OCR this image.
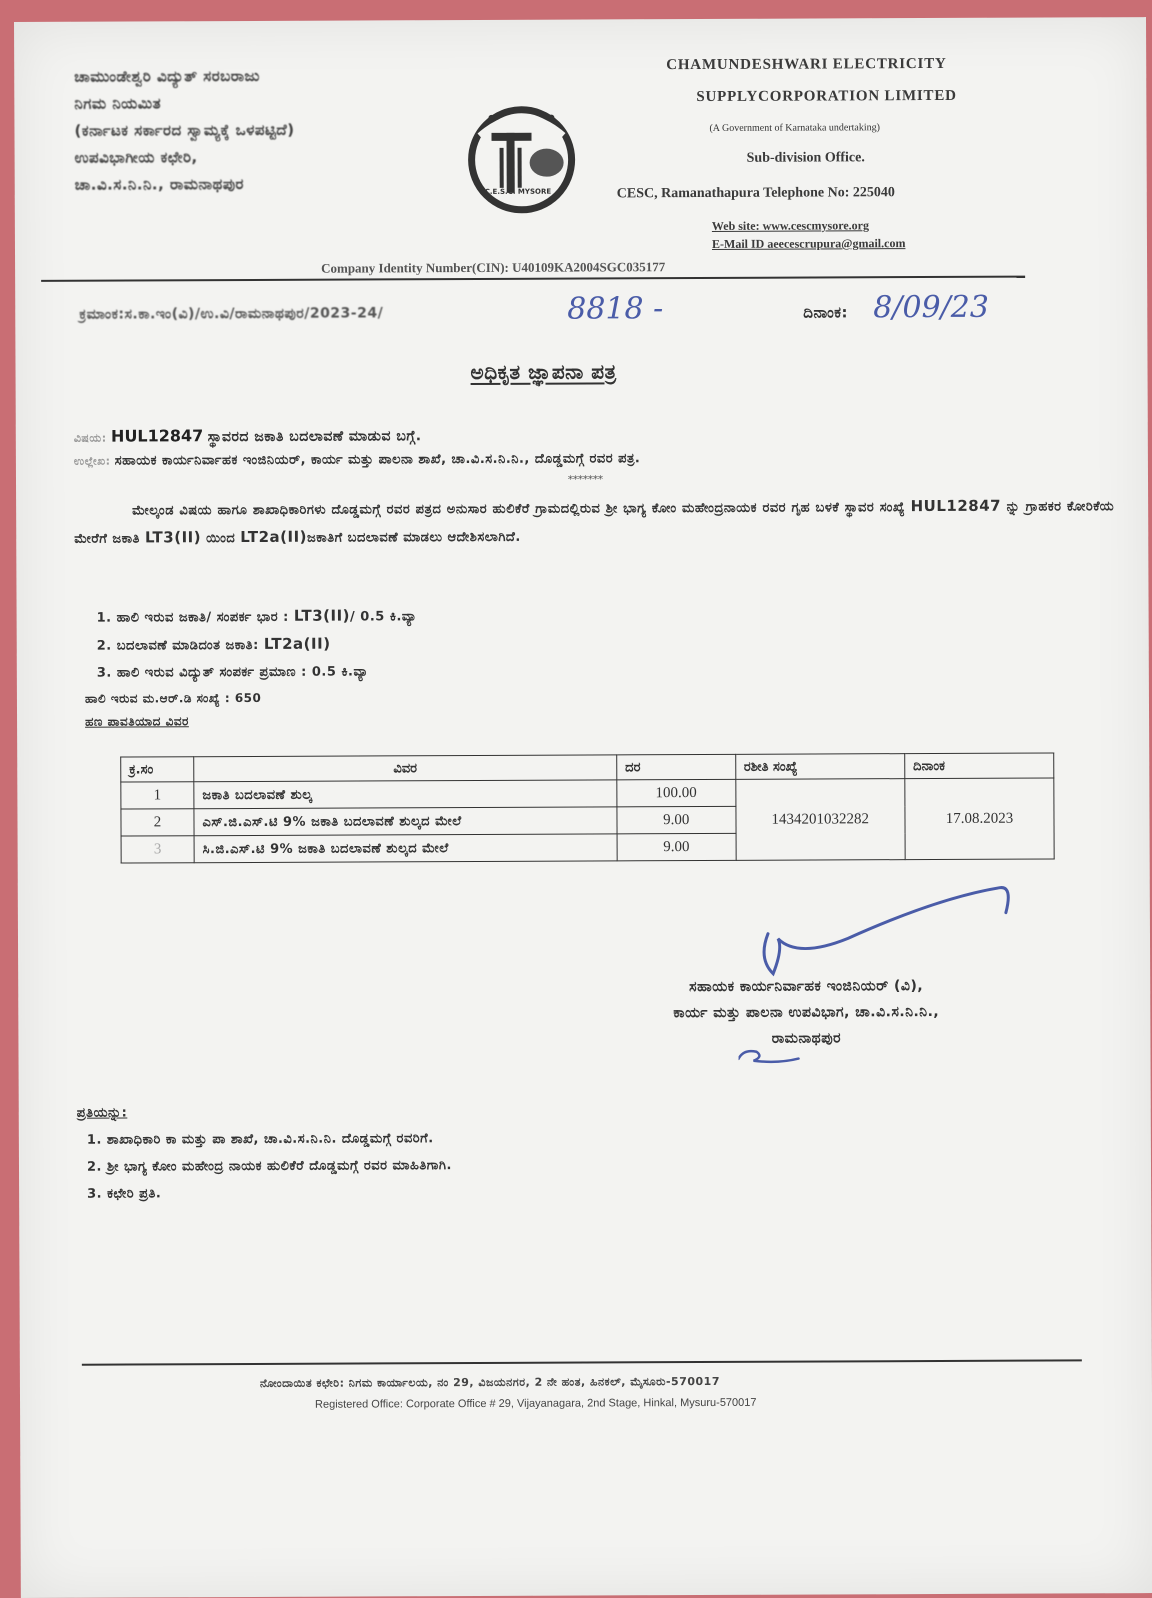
ಚಾಮುಂಡೇಶ್ವರಿ ವಿದ್ಯುತ್ ಸರಬರಾಜು
ನಿಗಮ ನಿಯಮಿತ
(ಕರ್ನಾಟಕ ಸರ್ಕಾರದ ಸ್ವಾಮ್ಯಕ್ಕೆ ಒಳಪಟ್ಟಿದೆ)
ಉಪವಿಭಾಗೀಯ ಕಛೇರಿ,
ಚಾ.ವಿ.ಸ.ನಿ.ನಿ., ರಾಮನಾಥಪುರ	C.E.S.C. MYSORE
CHAMUNDESHWARI ELECTRICITY
SUPPLYCORPORATION LIMITED
(A Government of Karnataka undertaking)
Sub-division Office.
CESC, Ramanathapura Telephone No: 225040
Web site: www.cescmysore.org
E-Mail ID aeecescrupura@gmail.com
Company Identity Number(CIN): U40109KA2004SGC035177
ಕ್ರಮಾಂಕ:ಸ.ಕಾ.ಇಂ(ವಿ)/ಉ.ವಿ/ರಾಮನಾಥಪುರ/2023-24/	8818 -	ದಿನಾಂಕ: 8/09/23
ಅಧಿಕೃತ ಜ್ಞಾಪನಾ ಪತ್ರ
ವಿಷಯ: HUL12847 ಸ್ಥಾವರದ ಜಕಾತಿ ಬದಲಾವಣೆ ಮಾಡುವ ಬಗ್ಗೆ.
ಉಲ್ಲೇಖ: ಸಹಾಯಕ ಕಾರ್ಯನಿರ್ವಾಹಕ ಇಂಜಿನಿಯರ್, ಕಾರ್ಯ ಮತ್ತು ಪಾಲನಾ ಶಾಖೆ, ಚಾ.ವಿ.ಸ.ನಿ.ನಿ., ದೊಡ್ಡಮಗ್ಗೆ ರವರ ಪತ್ರ.
*******
ಮೇಲ್ಕಂಡ ವಿಷಯ ಹಾಗೂ ಶಾಖಾಧಿಕಾರಿಗಳು ದೊಡ್ಡಮಗ್ಗೆ ರವರ ಪತ್ರದ ಅನುಸಾರ ಹುಲಿಕೆರೆ ಗ್ರಾಮದಲ್ಲಿರುವ ಶ್ರೀ ಭಾಗ್ಯ ಕೋಂ ಮಹೇಂದ್ರನಾಯಕ ರವರ ಗೃಹ ಬಳಕೆ ಸ್ಥಾವರ ಸಂಖ್ಯೆ HUL12847 ನ್ನು ಗ್ರಾಹಕರ ಕೋರಿಕೆಯ ಮೇರೆಗೆ ಜಕಾತಿ LT3(II) ಯಿಂದ LT2a(II)ಜಕಾತಿಗೆ ಬದಲಾವಣೆ ಮಾಡಲು ಆದೇಶಿಸಲಾಗಿದೆ.
1. ಹಾಲಿ ಇರುವ ಜಕಾತಿ/ ಸಂಪರ್ಕ ಭಾರ : LT3(II)/ 0.5 ಕಿ.ವ್ಯಾ
2. ಬದಲಾವಣೆ ಮಾಡಿದಂತ ಜಕಾತಿ: LT2a(II)
3. ಹಾಲಿ ಇರುವ ವಿದ್ಯುತ್ ಸಂಪರ್ಕ ಪ್ರಮಾಣ : 0.5 ಕಿ.ವ್ಯಾ
ಹಾಲಿ ಇರುವ ಮ.ಆರ್.ಡಿ ಸಂಖ್ಯೆ : 650
ಹಣ ಪಾವತಿಯಾದ ವಿವರ
ಕ್ರ.ಸಂ	ವಿವರ	ದರ	ರಶೀತಿ ಸಂಖ್ಯೆ	ದಿನಾಂಕ
1	ಜಕಾತಿ ಬದಲಾವಣೆ ಶುಲ್ಕ	100.00	1434201032282	17.08.2023
2	ಎಸ್.ಜಿ.ಎಸ್.ಟಿ 9% ಜಕಾತಿ ಬದಲಾವಣೆ ಶುಲ್ಕದ ಮೇಲೆ	9.00		
3	ಸಿ.ಜಿ.ಎಸ್.ಟಿ 9% ಜಕಾತಿ ಬದಲಾವಣೆ ಶುಲ್ಕದ ಮೇಲೆ	9.00		
ಸಹಾಯಕ ಕಾರ್ಯನಿರ್ವಾಹಕ ಇಂಜಿನಿಯರ್ (ವಿ),
ಕಾರ್ಯ ಮತ್ತು ಪಾಲನಾ ಉಪವಿಭಾಗ, ಚಾ.ವಿ.ಸ.ನಿ.ನಿ.,
ರಾಮನಾಥಪುರ
ಪ್ರತಿಯನ್ನು:
1. ಶಾಖಾಧಿಕಾರಿ ಕಾ ಮತ್ತು ಪಾ ಶಾಖೆ, ಚಾ.ವಿ.ಸ.ನಿ.ನಿ. ದೊಡ್ಡಮಗ್ಗೆ ರವರಿಗೆ.
2. ಶ್ರೀ ಭಾಗ್ಯ ಕೋಂ ಮಹೇಂದ್ರ ನಾಯಕ ಹುಲಿಕೆರೆ ದೊಡ್ಡಮಗ್ಗೆ ರವರ ಮಾಹಿತಿಗಾಗಿ.
3. ಕಛೇರಿ ಪ್ರತಿ.
ನೋಂದಾಯಿತ ಕಛೇರಿ: ನಿಗಮ ಕಾರ್ಯಾಲಯ, ನಂ 29, ವಿಜಯನಗರ, 2 ನೇ ಹಂತ, ಹಿನಕಲ್, ಮೈಸೂರು-570017
Registered Office: Corporate Office # 29, Vijayanagara, 2nd Stage, Hinkal, Mysuru-570017
